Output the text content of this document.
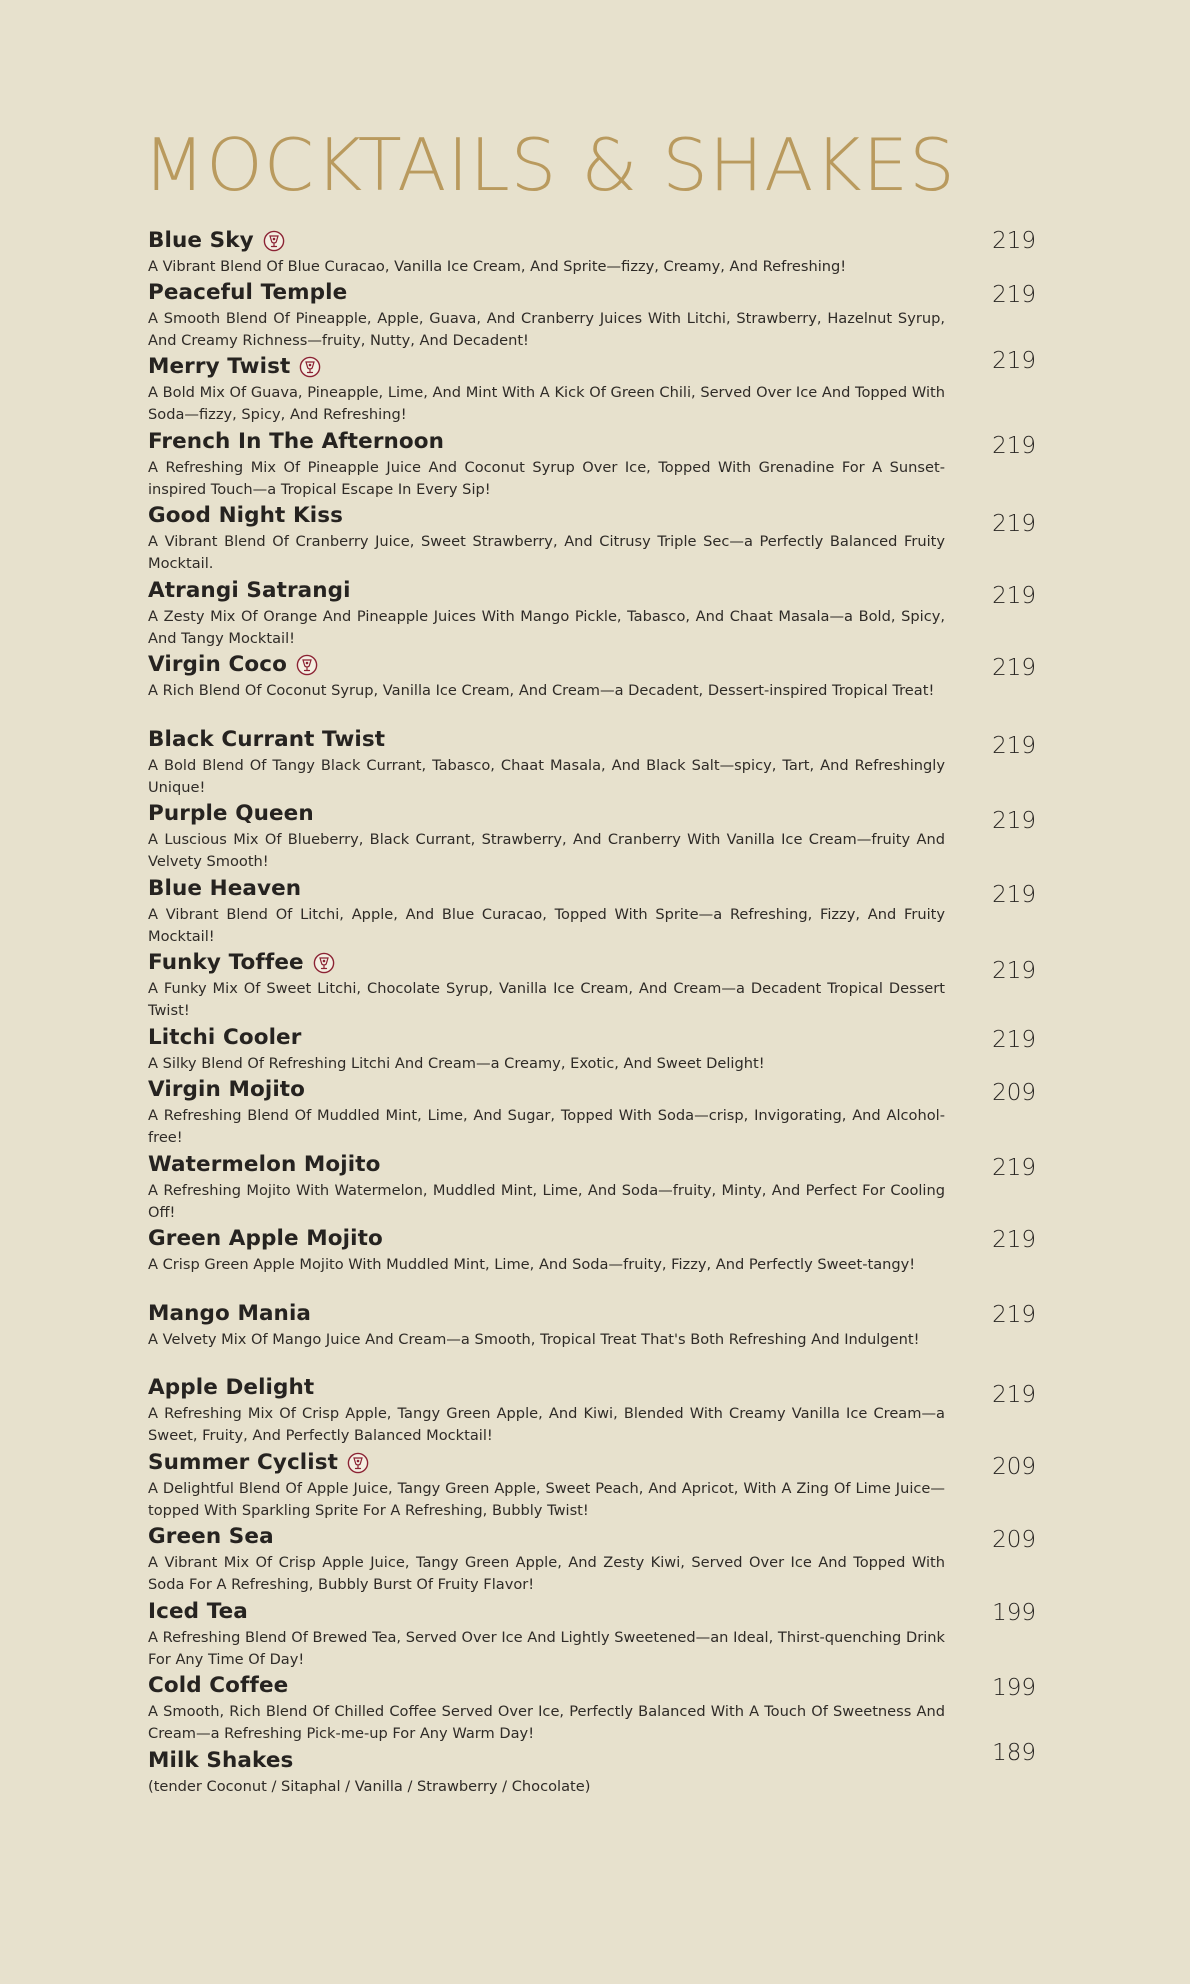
MOCKTAILS & SHAKES
Blue Sky
A Vibrant Blend Of Blue Curacao, Vanilla Ice Cream, And Sprite—fizzy, Creamy, And Refreshing!
219
Peaceful Temple
A Smooth Blend Of Pineapple, Apple, Guava, And Cranberry Juices With Litchi, Strawberry, Hazelnut Syrup, And Creamy Richness—fruity, Nutty, And Decadent!
219
Merry Twist
A Bold Mix Of Guava, Pineapple, Lime, And Mint With A Kick Of Green Chili, Served Over Ice And Topped With Soda—fizzy, Spicy, And Refreshing!
219
French In The Afternoon
A Refreshing Mix Of Pineapple Juice And Coconut Syrup Over Ice, Topped With Grenadine For A Sunset-inspired Touch—a Tropical Escape In Every Sip!
219
Good Night Kiss
A Vibrant Blend Of Cranberry Juice, Sweet Strawberry, And Citrusy Triple Sec—a Perfectly Balanced Fruity Mocktail.
219
Atrangi Satrangi
A Zesty Mix Of Orange And Pineapple Juices With Mango Pickle, Tabasco, And Chaat Masala—a Bold, Spicy, And Tangy Mocktail!
219
Virgin Coco
A Rich Blend Of Coconut Syrup, Vanilla Ice Cream, And Cream—a Decadent, Dessert-inspired Tropical Treat!
219
Black Currant Twist
A Bold Blend Of Tangy Black Currant, Tabasco, Chaat Masala, And Black Salt—spicy, Tart, And Refreshingly Unique!
219
Purple Queen
A Luscious Mix Of Blueberry, Black Currant, Strawberry, And Cranberry With Vanilla Ice Cream—fruity And Velvety Smooth!
219
Blue Heaven
A Vibrant Blend Of Litchi, Apple, And Blue Curacao, Topped With Sprite—a Refreshing, Fizzy, And Fruity Mocktail!
219
Funky Toffee
A Funky Mix Of Sweet Litchi, Chocolate Syrup, Vanilla Ice Cream, And Cream—a Decadent Tropical Dessert Twist!
219
Litchi Cooler
A Silky Blend Of Refreshing Litchi And Cream—a Creamy, Exotic, And Sweet Delight!
219
Virgin Mojito
A Refreshing Blend Of Muddled Mint, Lime, And Sugar, Topped With Soda—crisp, Invigorating, And Alcohol-free!
209
Watermelon Mojito
A Refreshing Mojito With Watermelon, Muddled Mint, Lime, And Soda—fruity, Minty, And Perfect For Cooling Off!
219
Green Apple Mojito
A Crisp Green Apple Mojito With Muddled Mint, Lime, And Soda—fruity, Fizzy, And Perfectly Sweet-tangy!
219
Mango Mania
A Velvety Mix Of Mango Juice And Cream—a Smooth, Tropical Treat That's Both Refreshing And Indulgent!
219
Apple Delight
A Refreshing Mix Of Crisp Apple, Tangy Green Apple, And Kiwi, Blended With Creamy Vanilla Ice Cream—a Sweet, Fruity, And Perfectly Balanced Mocktail!
219
Summer Cyclist
A Delightful Blend Of Apple Juice, Tangy Green Apple, Sweet Peach, And Apricot, With A Zing Of Lime Juice—topped With Sparkling Sprite For A Refreshing, Bubbly Twist!
209
Green Sea
A Vibrant Mix Of Crisp Apple Juice, Tangy Green Apple, And Zesty Kiwi, Served Over Ice And Topped With Soda For A Refreshing, Bubbly Burst Of Fruity Flavor!
209
Iced Tea
A Refreshing Blend Of Brewed Tea, Served Over Ice And Lightly Sweetened—an Ideal, Thirst-quenching Drink For Any Time Of Day!
199
Cold Coffee
A Smooth, Rich Blend Of Chilled Coffee Served Over Ice, Perfectly Balanced With A Touch Of Sweetness And Cream—a Refreshing Pick-me-up For Any Warm Day!
199
Milk Shakes
(tender Coconut / Sitaphal / Vanilla / Strawberry / Chocolate)
189
